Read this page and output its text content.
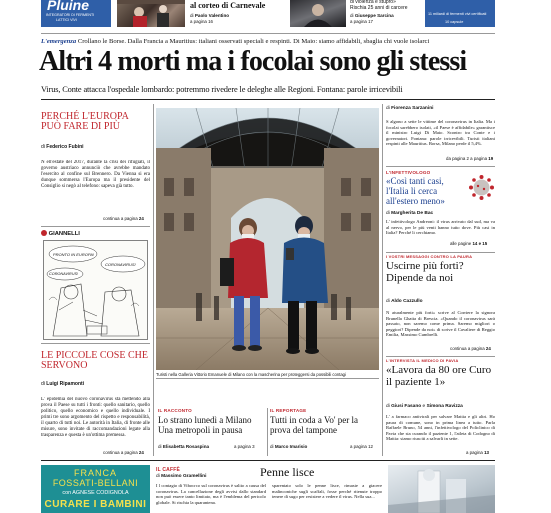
Pluine
INTEGRATORI DI FERMENTI
LATTICI VIVI
al corteo di Carnevale
di Paolo Valentino
a pagina 16
di violenza e stupro»
Rischia 25 anni di carcere
di Giuseppe Sarcina
a pagina 17
11 miliardi di fermenti vivi certificati
10 capsule
L'emergenza Crollano le Borse. Dalla Francia a Mauritius: italiani osservati speciali e respinti. Di Maio: siamo affidabili, sbaglia chi vuole isolarci
Altri 4 morti ma i focolai sono gli stessi
Virus, Conte attacca l'ospedale lombardo: potremmo rivedere le deleghe alle Regioni. Fontana: parole irricevibili
PERCHÉ L'EUROPA PUÒ FARE DI PIÙ
di Federico Fubini
N ell'estate del 2017, durante la crisi dei rifugiati, il governo austriaco annunciò che avrebbe mandato l'esercito al confine sul Brennero. Da Vienna si era dunque sommersa l'Europa ma il presidente del Consiglio si negò al telefono: sapeva già tutto.
continua a pagina 24
GIANNELLI
PRONTO IN EUROPA!
CORONAVIRUS!
CORONAVIRUS!
LE PICCOLE COSE CHE SERVONO
di Luigi Ripamonti
L' epidemia del nuovo coronavirus sta mettendo alla prova il Paese su tutti i fronti: quello sanitario, quello politico, quello economico e quello individuale. I primi tre sono argomento del rispetto e responsabilità, il quarto di tutti noi. Le autorità in Italia, di fronte alle misure, sono invitate di raccomandazioni legate alla trasparenza e questa è un'ottima premessa.
continua a pagina 24
Turisti nella Galleria Vittorio Emanuele di Milano con la mascherina per proteggersi da possibili contagi
IL RACCONTO
Lo strano lunedì a Milano Una metropoli in pausa
di Elisabetta Rosaspina	a pagina 3
IL REPORTAGE
Tutti in coda a Vo' per la prova del tampone
di Marco Imarisio	a pagina 12
di Fiorenza Sarzanini
S algono a sette le vittime del coronavirus in Italia. Ma i focolai sarebbero isolati, «il Paese è affidabile» garantisce il ministro Luigi Di Maio. Scontro tra Conte e i governatori. Fontana: parole irricevibili. Turisti italiani respinti alle Mauritius. Borsa, Milano perde il 5,4%.
da pagina 2 a pagina 19
L'INFETTIVOLOGO
«Così tanti casi, l'Italia li cerca all'estero meno»
di Margherita De Bac
L' infettivologo Andreoni: il virus arrivato dal sud, ma va al nervo, per le più venti hanno tutto dove. Più casi in Italia? Perché li cerchiamo.
alle pagine 14 e 15
I VOSTRI MESSAGGI CONTRO LA PAURA
Uscirne più forti? Dipende da noi
di Aldo Cazzullo
N aturalmente più forti» scrive al Corriere la signora Brunella Ghatta di Brescia. «Quando il coronavirus sarà passato, non saremo come prima. Saremo migliori o peggiori? Dipende da noi» di scrive il Cavaliere di Reggio Emilia, Massimo Cumbrelli.
continua a pagina 24
L'INTERVISTA IL MEDICO DI PAVIA
«Lavora da 80 ore Curo il paziente 1»
di Giusi Fasano e Simona Ravizza
L' a farmaco antivirali per salvare Mattia e gli altri. Ho paura di comune, sono in prima linea a tutto. Parla Raffaele Bruno, 54 anni, l'infettivologo del Policlinico di Pavia che sta curando il paziente 1, l'atleta di Codogno di Mattia: siamo riusciti a salvarli in sette.
a pagina 13
FRANCA
FOSSATI-BELLANI
con AGNESE CODIGNOLA
CURARE I BAMBINI
IL CAFFÈ
di Massimo Gramellini	Penne lisce
I l contagio di Vibocrco sul coronavirus è salito a causa del coronavirus. La cancellazione degli avvisi dallo standard non può essere tanto limitato, ma è l'emblema del pericolo globale. Si rischia la quarantena.
sparentato solo le penne lisce, rimaste a giacere malinconiche sugli scaffali, fosse perché ritenute troppo tenere di sugo per resistere a vedere il virus. Nella sua...
